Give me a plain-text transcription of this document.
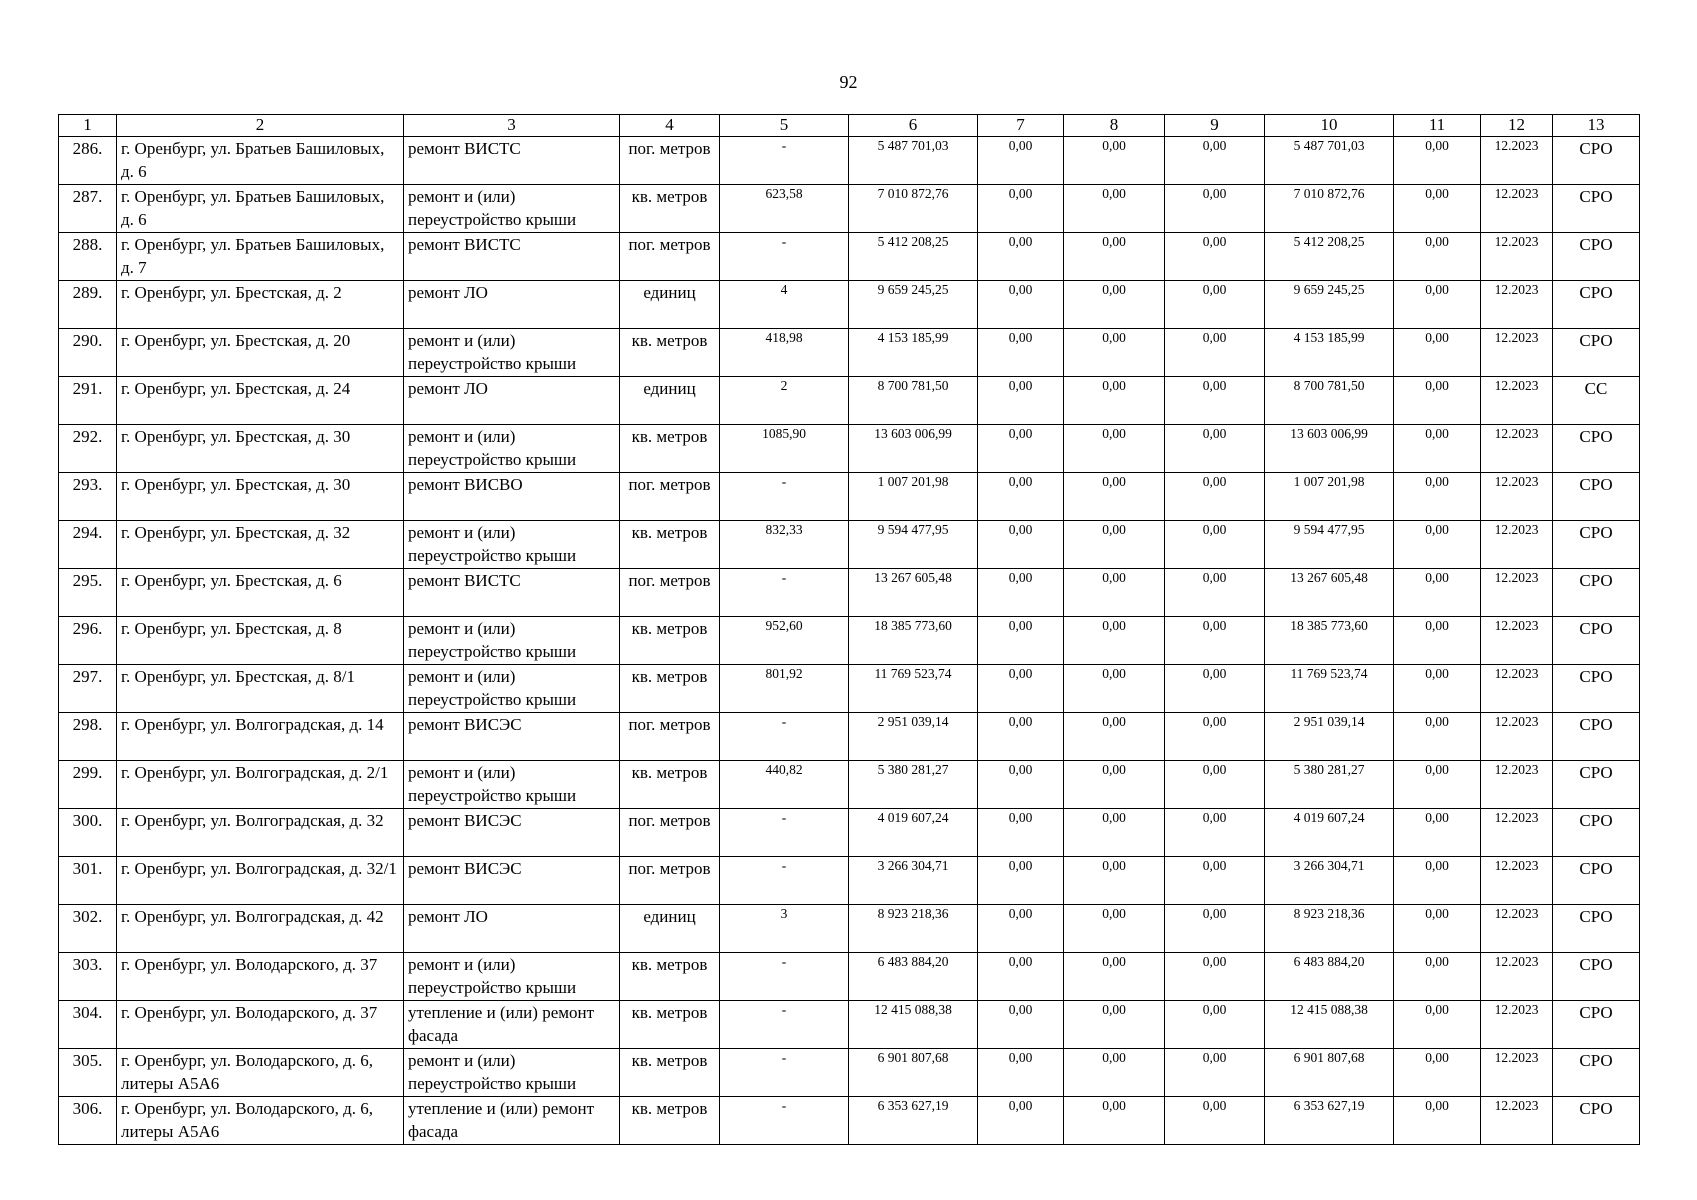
92
1	2	3	4	5	6	7	8	9	10	11	12	13
286.	г. Оренбург, ул. Братьев Башиловых, д. 6	ремонт ВИСТС	пог. метров	-	5 487 701,03	0,00	0,00	0,00	5 487 701,03	0,00	12.2023	СРО
287.	г. Оренбург, ул. Братьев Башиловых, д. 6	ремонт и (или) переустройство крыши	кв. метров	623,58	7 010 872,76	0,00	0,00	0,00	7 010 872,76	0,00	12.2023	СРО
288.	г. Оренбург, ул. Братьев Башиловых, д. 7	ремонт ВИСТС	пог. метров	-	5 412 208,25	0,00	0,00	0,00	5 412 208,25	0,00	12.2023	СРО
289.	г. Оренбург, ул. Брестская, д. 2	ремонт ЛО	единиц	4	9 659 245,25	0,00	0,00	0,00	9 659 245,25	0,00	12.2023	СРО
290.	г. Оренбург, ул. Брестская, д. 20	ремонт и (или) переустройство крыши	кв. метров	418,98	4 153 185,99	0,00	0,00	0,00	4 153 185,99	0,00	12.2023	СРО
291.	г. Оренбург, ул. Брестская, д. 24	ремонт ЛО	единиц	2	8 700 781,50	0,00	0,00	0,00	8 700 781,50	0,00	12.2023	СС
292.	г. Оренбург, ул. Брестская, д. 30	ремонт и (или) переустройство крыши	кв. метров	1085,90	13 603 006,99	0,00	0,00	0,00	13 603 006,99	0,00	12.2023	СРО
293.	г. Оренбург, ул. Брестская, д. 30	ремонт ВИСВО	пог. метров	-	1 007 201,98	0,00	0,00	0,00	1 007 201,98	0,00	12.2023	СРО
294.	г. Оренбург, ул. Брестская, д. 32	ремонт и (или) переустройство крыши	кв. метров	832,33	9 594 477,95	0,00	0,00	0,00	9 594 477,95	0,00	12.2023	СРО
295.	г. Оренбург, ул. Брестская, д. 6	ремонт ВИСТС	пог. метров	-	13 267 605,48	0,00	0,00	0,00	13 267 605,48	0,00	12.2023	СРО
296.	г. Оренбург, ул. Брестская, д. 8	ремонт и (или) переустройство крыши	кв. метров	952,60	18 385 773,60	0,00	0,00	0,00	18 385 773,60	0,00	12.2023	СРО
297.	г. Оренбург, ул. Брестская, д. 8/1	ремонт и (или) переустройство крыши	кв. метров	801,92	11 769 523,74	0,00	0,00	0,00	11 769 523,74	0,00	12.2023	СРО
298.	г. Оренбург, ул. Волгоградская, д. 14	ремонт ВИСЭС	пог. метров	-	2 951 039,14	0,00	0,00	0,00	2 951 039,14	0,00	12.2023	СРО
299.	г. Оренбург, ул. Волгоградская, д. 2/1	ремонт и (или) переустройство крыши	кв. метров	440,82	5 380 281,27	0,00	0,00	0,00	5 380 281,27	0,00	12.2023	СРО
300.	г. Оренбург, ул. Волгоградская, д. 32	ремонт ВИСЭС	пог. метров	-	4 019 607,24	0,00	0,00	0,00	4 019 607,24	0,00	12.2023	СРО
301.	г. Оренбург, ул. Волгоградская, д. 32/1	ремонт ВИСЭС	пог. метров	-	3 266 304,71	0,00	0,00	0,00	3 266 304,71	0,00	12.2023	СРО
302.	г. Оренбург, ул. Волгоградская, д. 42	ремонт ЛО	единиц	3	8 923 218,36	0,00	0,00	0,00	8 923 218,36	0,00	12.2023	СРО
303.	г. Оренбург, ул. Володарского, д. 37	ремонт и (или) переустройство крыши	кв. метров	-	6 483 884,20	0,00	0,00	0,00	6 483 884,20	0,00	12.2023	СРО
304.	г. Оренбург, ул. Володарского, д. 37	утепление и (или) ремонт фасада	кв. метров	-	12 415 088,38	0,00	0,00	0,00	12 415 088,38	0,00	12.2023	СРО
305.	г. Оренбург, ул. Володарского, д. 6, литеры А5А6	ремонт и (или) переустройство крыши	кв. метров	-	6 901 807,68	0,00	0,00	0,00	6 901 807,68	0,00	12.2023	СРО
306.	г. Оренбург, ул. Володарского, д. 6, литеры А5А6	утепление и (или) ремонт фасада	кв. метров	-	6 353 627,19	0,00	0,00	0,00	6 353 627,19	0,00	12.2023	СРО
